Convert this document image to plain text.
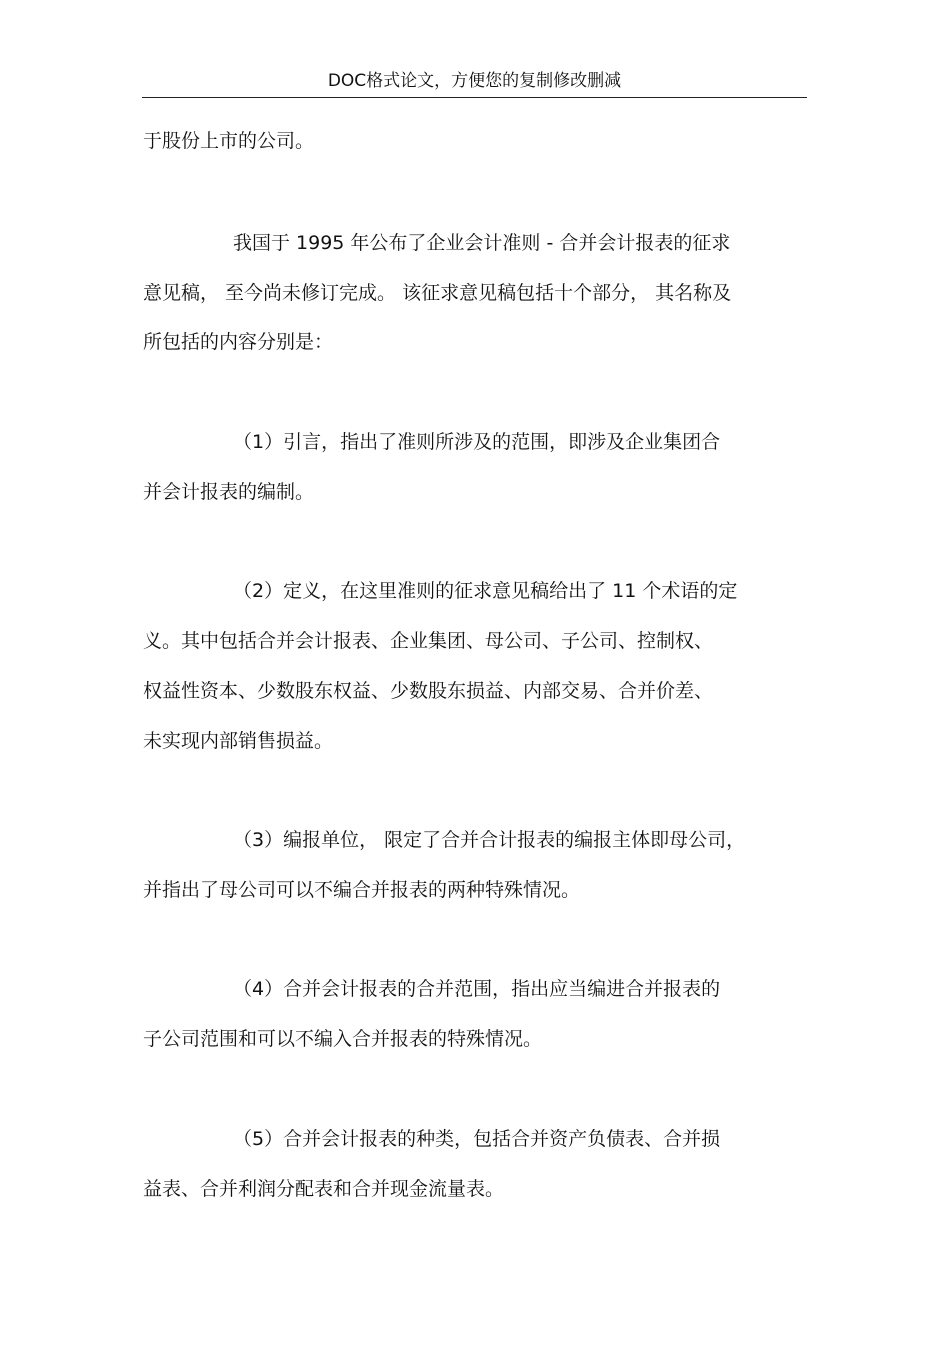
DOC格式论文，方便您的复制修改删减
于股份上市的公司。
我国于 1995 年公布了企业会计准则 - 合并会计报表的征求
意见稿， 至今尚未修订完成。 该征求意见稿包括十个部分， 其名称及
所包括的内容分别是：
（1）引言，指出了准则所涉及的范围，即涉及企业集团合
并会计报表的编制。
（2）定义，在这里准则的征求意见稿给出了 11 个术语的定
义。其中包括合并会计报表、企业集团、母公司、子公司、控制权、
权益性资本、少数股东权益、少数股东损益、内部交易、合并价差、
未实现内部销售损益。
（3）编报单位， 限定了合并合计报表的编报主体即母公司，
并指出了母公司可以不编合并报表的两种特殊情况。
（4）合并会计报表的合并范围，指出应当编进合并报表的
子公司范围和可以不编入合并报表的特殊情况。
（5）合并会计报表的种类，包括合并资产负债表、合并损
益表、合并利润分配表和合并现金流量表。
